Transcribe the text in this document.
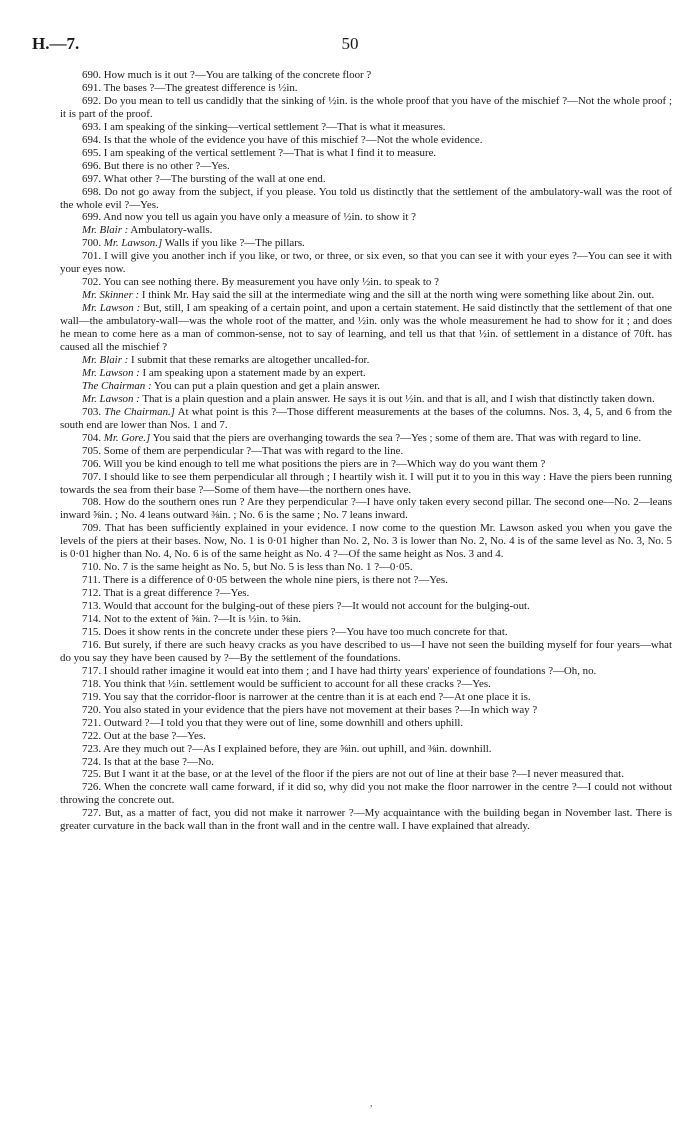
H.—7.	50

690. How much is it out ?—You are talking of the concrete floor ?

691. The bases ?—The greatest difference is ½in.

692. Do you mean to tell us candidly that the sinking of ½in. is the whole proof that you have of the mischief ?—Not the whole proof ; it is part of the proof.

693. I am speaking of the sinking—vertical settlement ?—That is what it measures.

694. Is that the whole of the evidence you have of this mischief ?—Not the whole evidence.

695. I am speaking of the vertical settlement ?—That is what I find it to measure.

696. But there is no other ?—Yes.

697. What other ?—The bursting of the wall at one end.

698. Do not go away from the subject, if you please. You told us distinctly that the settlement of the ambulatory-wall was the root of the whole evil ?—Yes.

699. And now you tell us again you have only a measure of ½in. to show it ?

Mr. Blair : Ambulatory-walls.

700. Mr. Lawson.] Walls if you like ?—The pillars.

701. I will give you another inch if you like, or two, or three, or six even, so that you can see it with your eyes ?—You can see it with your eyes now.

702. You can see nothing there. By measurement you have only ½in. to speak to ?

Mr. Skinner : I think Mr. Hay said the sill at the intermediate wing and the sill at the north wing were something like about 2in. out.

Mr. Lawson : But, still, I am speaking of a certain point, and upon a certain statement. He said distinctly that the settlement of that one wall—the ambulatory-wall—was the whole root of the matter, and ½in. only was the whole measurement he had to show for it ; and does he mean to come here as a man of common-sense, not to say of learning, and tell us that that ½in. of settlement in a distance of 70ft. has caused all the mischief ?

Mr. Blair : I submit that these remarks are altogether uncalled-for.

Mr. Lawson : I am speaking upon a statement made by an expert.

The Chairman : You can put a plain question and get a plain answer.

Mr. Lawson : That is a plain question and a plain answer. He says it is out ½in. and that is all, and I wish that distinctly taken down.

703. The Chairman.] At what point is this ?—Those different measurements at the bases of the columns. Nos. 3, 4, 5, and 6 from the south end are lower than Nos. 1 and 7.

704. Mr. Gore.] You said that the piers are overhanging towards the sea ?—Yes ; some of them are. That was with regard to line.

705. Some of them are perpendicular ?—That was with regard to the line.

706. Will you be kind enough to tell me what positions the piers are in ?—Which way do you want them ?

707. I should like to see them perpendicular all through ; I heartily wish it. I will put it to you in this way : Have the piers been running towards the sea from their base ?—Some of them have—the northern ones have.

708. How do the southern ones run ? Are they perpendicular ?—I have only taken every second pillar. The second one—No. 2—leans inward ⅝in. ; No. 4 leans outward ⅜in. ; No. 6 is the same ; No. 7 leans inward.

709. That has been sufficiently explained in your evidence. I now come to the question Mr. Lawson asked you when you gave the levels of the piers at their bases. Now, No. 1 is 0·01 higher than No. 2, No. 3 is lower than No. 2, No. 4 is of the same level as No. 3, No. 5 is 0·01 higher than No. 4, No. 6 is of the same height as No. 4 ?—Of the same height as Nos. 3 and 4.

710. No. 7 is the same height as No. 5, but No. 5 is less than No. 1 ?—0·05.

711. There is a difference of 0·05 between the whole nine piers, is there not ?—Yes.

712. That is a great difference ?—Yes.

713. Would that account for the bulging-out of these piers ?—It would not account for the bulging-out.

714. Not to the extent of ⅝in. ?—It is ½in. to ⅝in.

715. Does it show rents in the concrete under these piers ?—You have too much concrete for that.

716. But surely, if there are such heavy cracks as you have described to us—I have not seen the building myself for four years—what do you say they have been caused by ?—By the settlement of the foundations.

717. I should rather imagine it would eat into them ; and I have had thirty years' experience of foundations ?—Oh, no.

718. You think that ½in. settlement would be sufficient to account for all these cracks ?—Yes.

719. You say that the corridor-floor is narrower at the centre than it is at each end ?—At one place it is.

720. You also stated in your evidence that the piers have not movement at their bases ?—In which way ?

721. Outward ?—I told you that they were out of line, some downhill and others uphill.

722. Out at the base ?—Yes.

723. Are they much out ?—As I explained before, they are ⅝in. out uphill, and ⅜in. downhill.

724. Is that at the base ?—No.

725. But I want it at the base, or at the level of the floor if the piers are not out of line at their base ?—I never measured that.

726. When the concrete wall came forward, if it did so, why did you not make the floor narrower in the centre ?—I could not without throwing the concrete out.

727. But, as a matter of fact, you did not make it narrower ?—My acquaintance with the building began in November last. There is greater curvature in the back wall than in the front wall and in the centre wall. I have explained that already.

,
